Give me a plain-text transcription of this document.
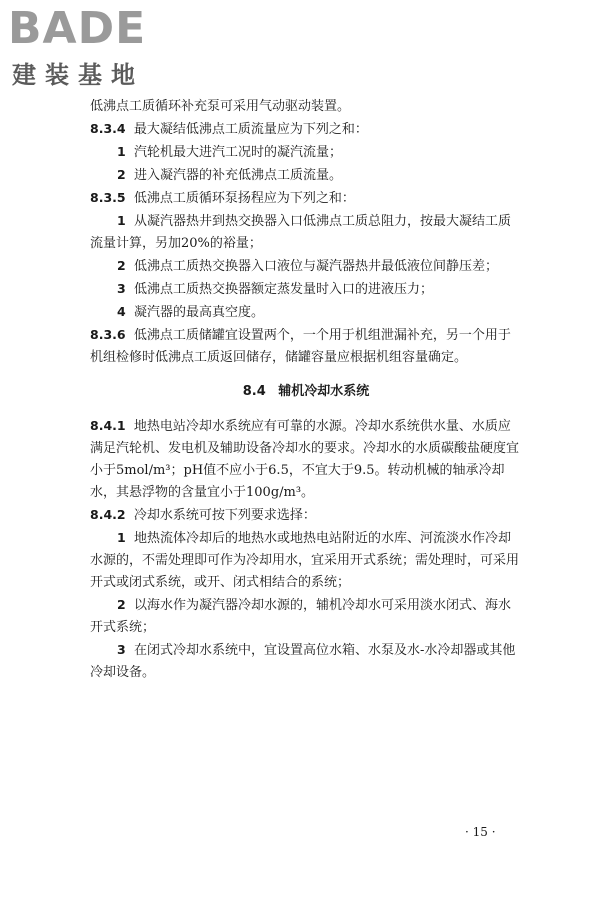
BADE
建装基地

低沸点工质循环补充泵可采用气动驱动装置。

8.3.4 最大凝结低沸点工质流量应为下列之和：

1 汽轮机最大进汽工况时的凝汽流量；

2 进入凝汽器的补充低沸点工质流量。

8.3.5 低沸点工质循环泵扬程应为下列之和：

1 从凝汽器热井到热交换器入口低沸点工质总阻力，按最大凝结工质流量计算，另加20%的裕量；

2 低沸点工质热交换器入口液位与凝汽器热井最低液位间静压差；

3 低沸点工质热交换器额定蒸发量时入口的进液压力；

4 凝汽器的最高真空度。

8.3.6 低沸点工质储罐宜设置两个，一个用于机组泄漏补充，另一个用于机组检修时低沸点工质返回储存，储罐容量应根据机组容量确定。

8.4 辅机冷却水系统

8.4.1 地热电站冷却水系统应有可靠的水源。冷却水系统供水量、水质应满足汽轮机、发电机及辅助设备冷却水的要求。冷却水的水质碳酸盐硬度宜小于5mol/m³；pH值不应小于6.5，不宜大于9.5。转动机械的轴承冷却水，其悬浮物的含量宜小于100g/m³。

8.4.2 冷却水系统可按下列要求选择：

1 地热流体冷却后的地热水或地热电站附近的水库、河流淡水作冷却水源的，不需处理即可作为冷却用水，宜采用开式系统；需处理时，可采用开式或闭式系统，或开、闭式相结合的系统；

2 以海水作为凝汽器冷却水源的，辅机冷却水可采用淡水闭式、海水开式系统；

3 在闭式冷却水系统中，宜设置高位水箱、水泵及水-水冷却器或其他冷却设备。

· 15 ·
